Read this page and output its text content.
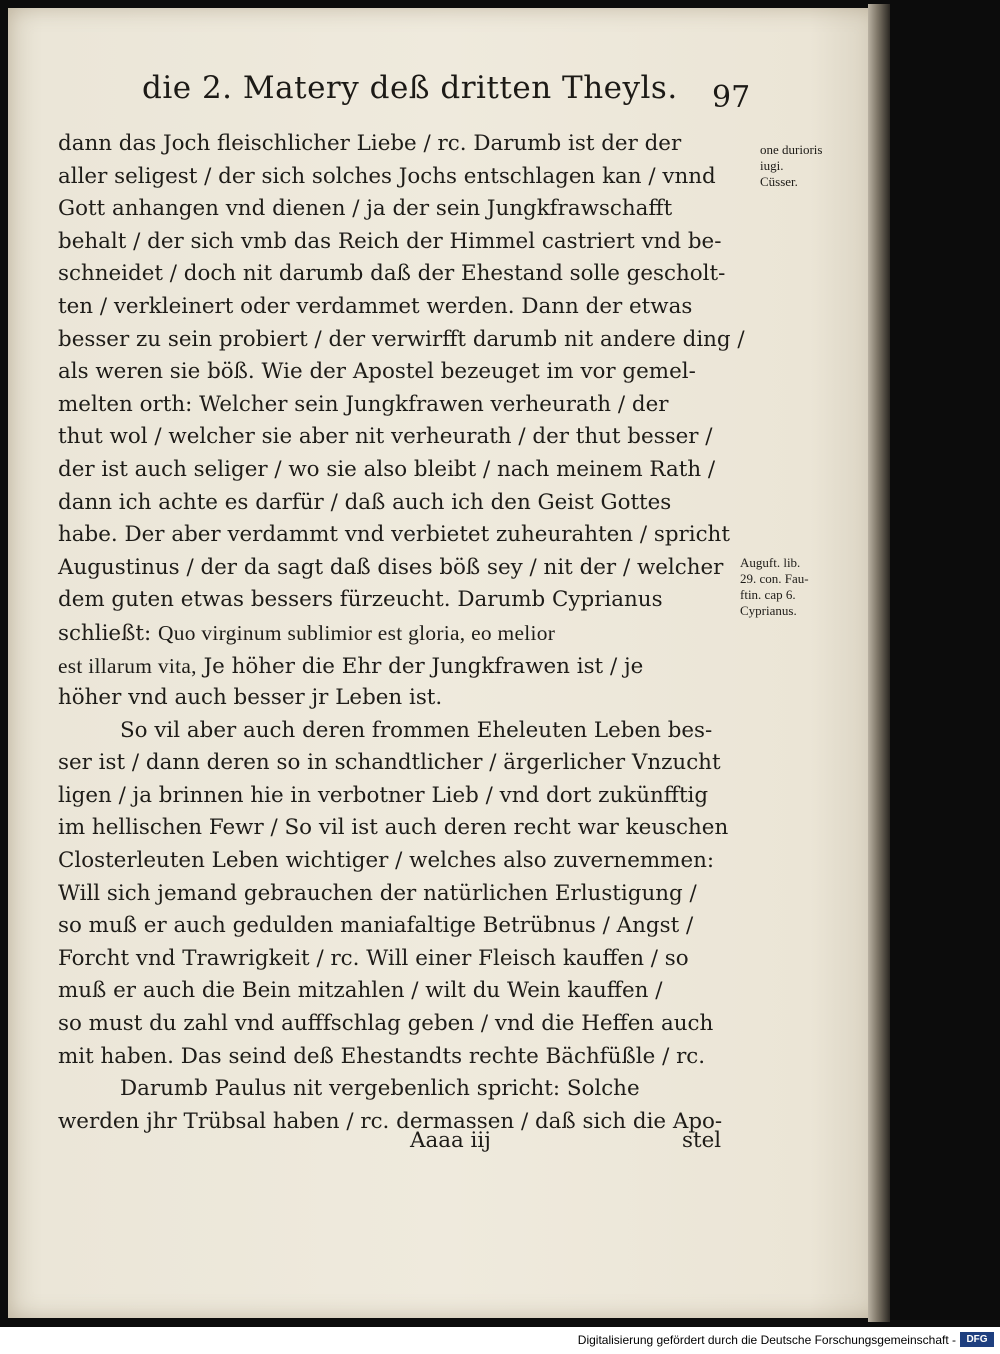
die 2. Matery deß dritten Theyls. 97
dann das Joch fleischlicher Liebe / rc. Darumb ist der der
aller seligest / der sich solches Jochs entschlagen kan / vnnd
Gott anhangen vnd dienen / ja der sein Jungkfrawschafft
behalt / der sich vmb das Reich der Himmel castriert vnd be-
schneidet / doch nit darumb daß der Ehestand solle gescholt-
ten / verkleinert oder verdammet werden. Dann der etwas
besser zu sein probiert / der verwirfft darumb nit andere ding /
als weren sie böß. Wie der Apostel bezeuget im vor gemel-
melten orth: Welcher sein Jungkfrawen verheurath / der
thut wol / welcher sie aber nit verheurath / der thut besser /
der ist auch seliger / wo sie also bleibt / nach meinem Rath /
dann ich achte es darfür / daß auch ich den Geist Gottes
habe. Der aber verdammt vnd verbietet zuheurahten / spricht
Augustinus / der da sagt daß dises böß sey / nit der / welcher
dem guten etwas bessers fürzeucht. Darumb Cyprianus
schließt: Quo virginum sublimior est gloria, eo melior
est illarum vita, Je höher die Ehr der Jungkfrawen ist / je
höher vnd auch besser jr Leben ist.
So vil aber auch deren frommen Eheleuten Leben bes-
ser ist / dann deren so in schandtlicher / ärgerlicher Vnzucht
ligen / ja brinnen hie in verbotner Lieb / vnd dort zukünfftig
im hellischen Fewr / So vil ist auch deren recht war keuschen
Closterleuten Leben wichtiger / welches also zuvernemmen:
Will sich jemand gebrauchen der natürlichen Erlustigung /
so muß er auch gedulden maniafaltige Betrübnus / Angst /
Forcht vnd Trawrigkeit / rc. Will einer Fleisch kauffen / so
muß er auch die Bein mitzahlen / wilt du Wein kauffen /
so must du zahl vnd aufffschlag geben / vnd die Heffen auch
mit haben. Das seind deß Ehestandts rechte Bächfüßle / rc.
Darumb Paulus nit vergebenlich spricht: Solche
werden jhr Trübsal haben / rc. dermassen / daß sich die Apo-
one durioris
iugi.
Cüsser.
Auguft. lib.
29. con. Fau-
ftin. cap 6.
Cyprianus.
Aaaa iij	stel
Digitalisierung gefördert durch die Deutsche Forschungsgemeinschaft -	DFG
